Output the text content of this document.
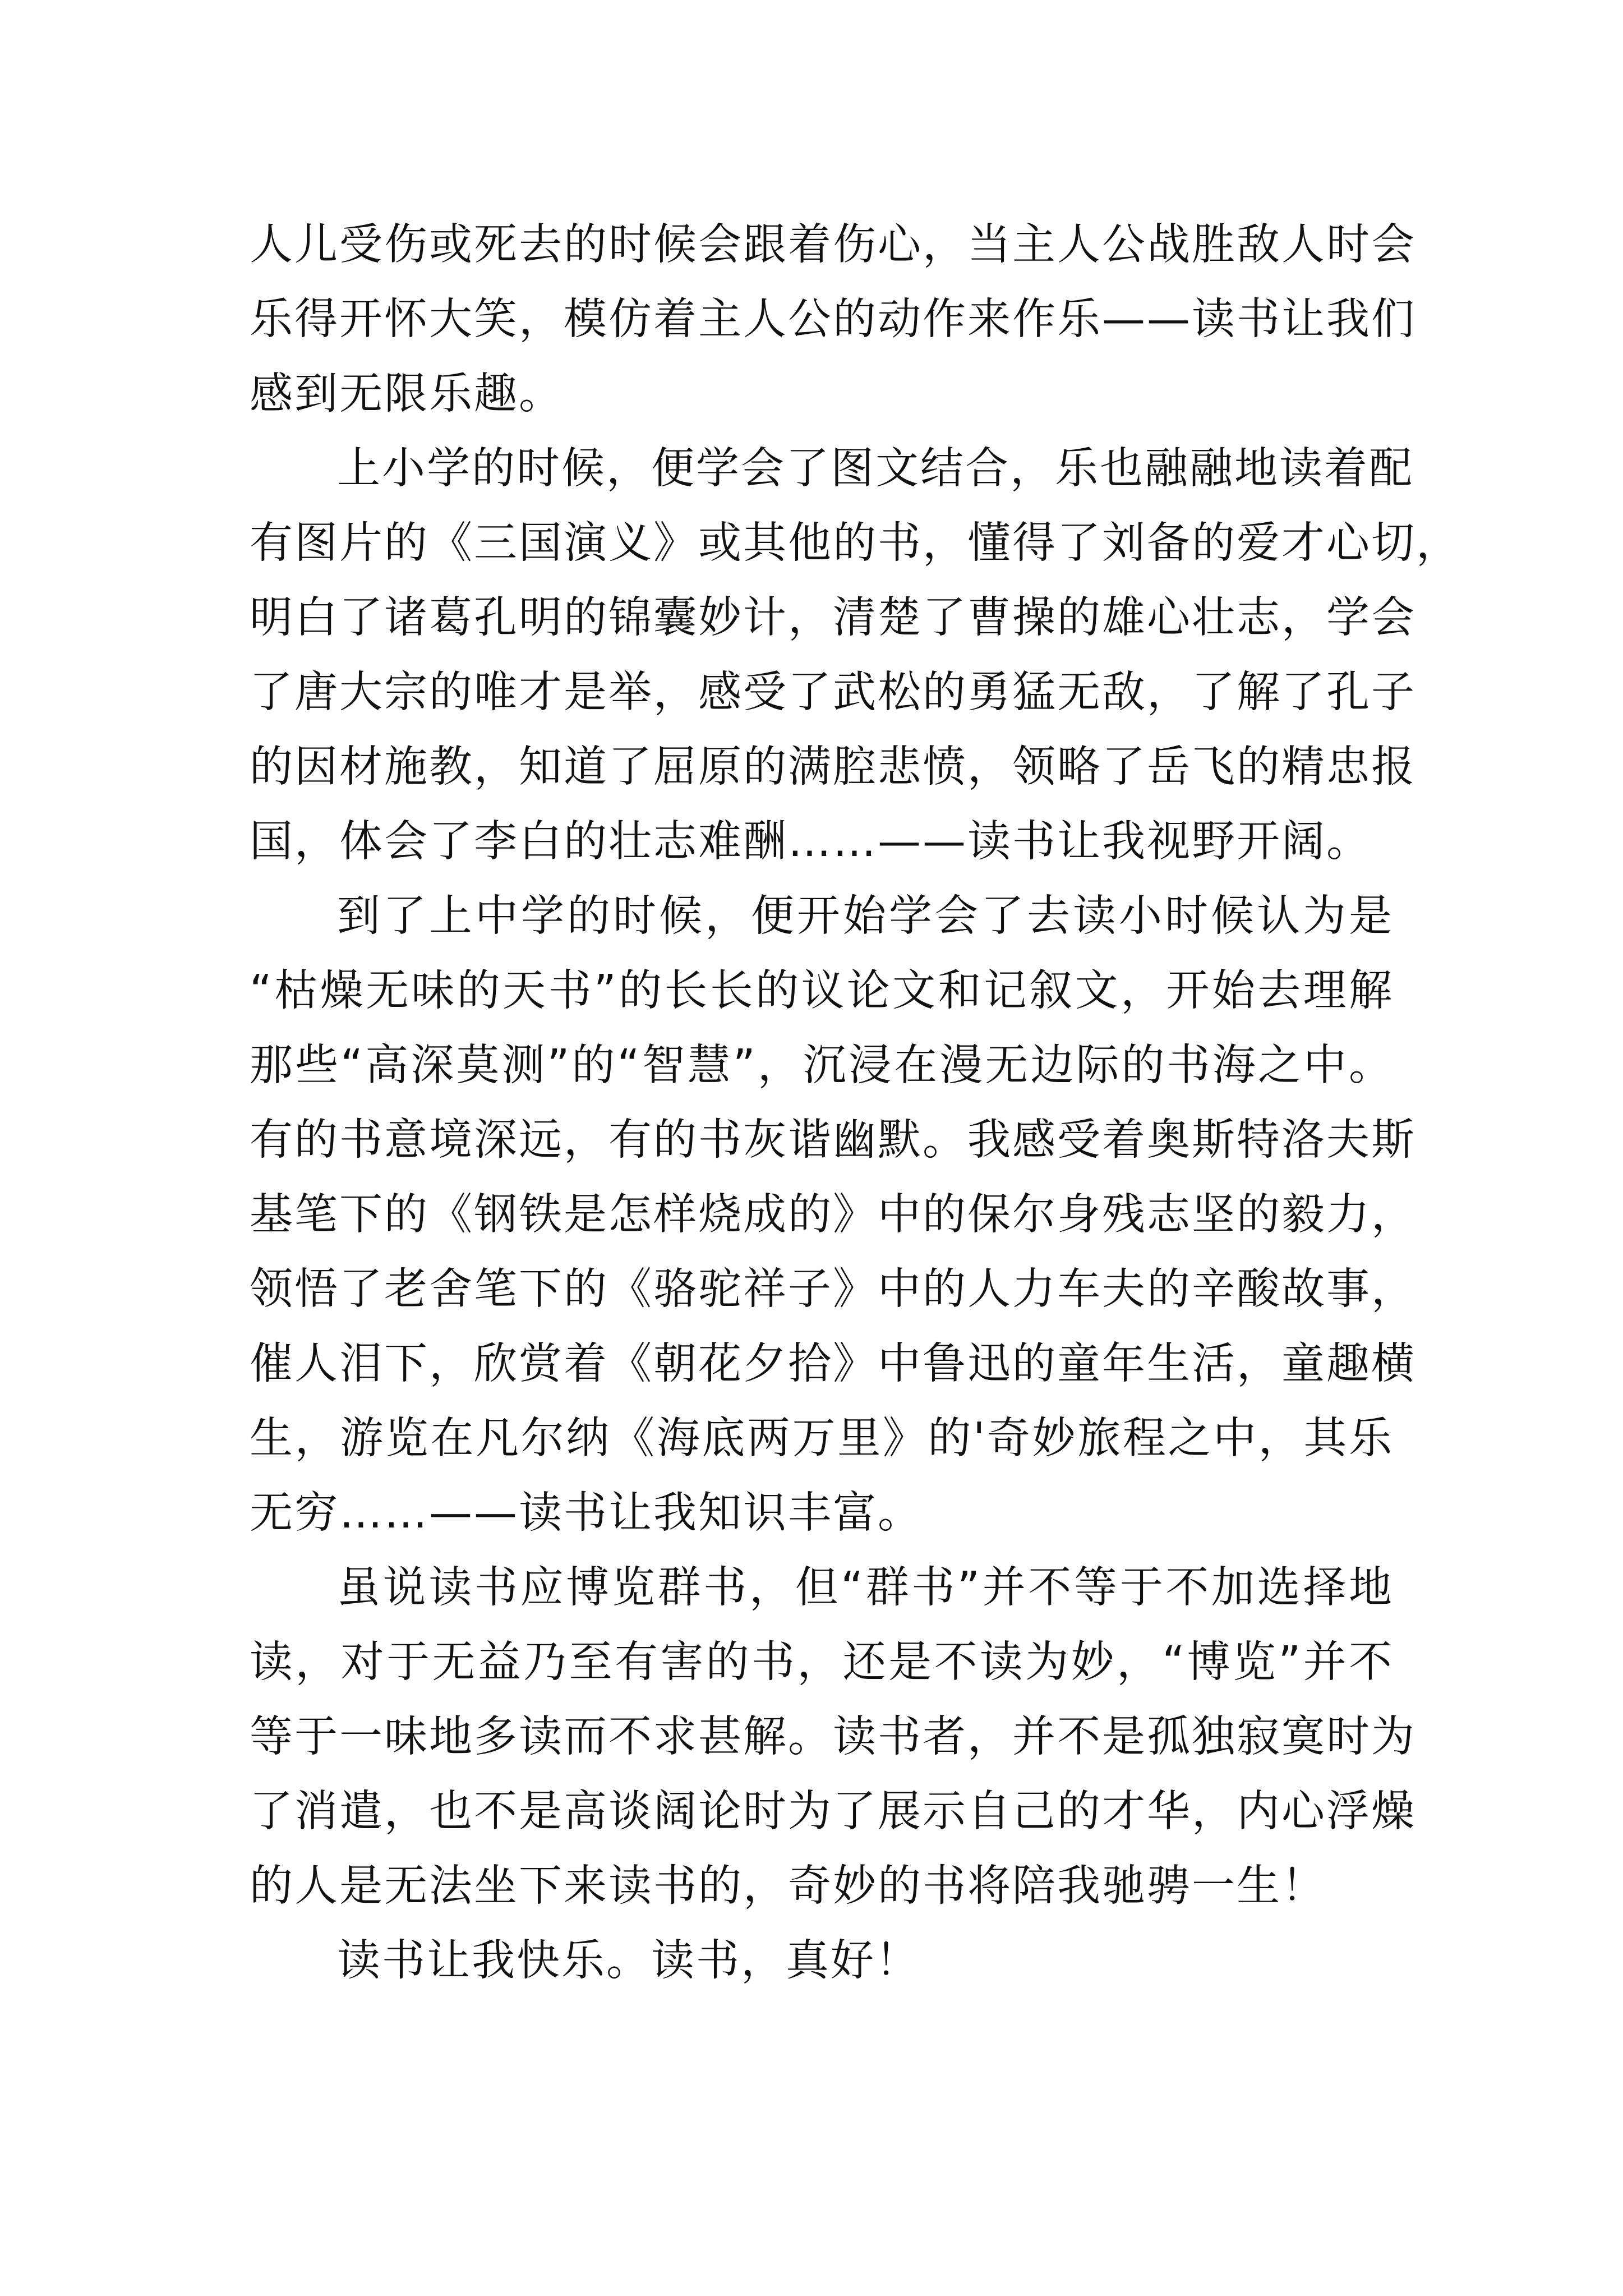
人儿受伤或死去的时候会跟着伤心，当主人公战胜敌人时会

乐得开怀大笑，模仿着主人公的动作来作乐——读书让我们

感到无限乐趣。

上小学的时候，便学会了图文结合，乐也融融地读着配

有图片的《三国演义》或其他的书，懂得了刘备的爱才心切，

明白了诸葛孔明的锦囊妙计，清楚了曹操的雄心壮志，学会

了唐大宗的唯才是举，感受了武松的勇猛无敌，了解了孔子

的因材施教，知道了屈原的满腔悲愤，领略了岳飞的精忠报

国，体会了李白的壮志难酬……——读书让我视野开阔。

到了上中学的时候，便开始学会了去读小时候认为是

“枯燥无味的天书”的长长的议论文和记叙文，开始去理解

那些“高深莫测”的“智慧”，沉浸在漫无边际的书海之中。

有的书意境深远，有的书灰谐幽默。我感受着奥斯特洛夫斯

基笔下的《钢铁是怎样烧成的》中的保尔身残志坚的毅力，

领悟了老舍笔下的《骆驼祥子》中的人力车夫的辛酸故事，

催人泪下，欣赏着《朝花夕拾》中鲁迅的童年生活，童趣横

生，游览在凡尔纳《海底两万里》的'奇妙旅程之中，其乐

无穷……——读书让我知识丰富。

虽说读书应博览群书，但“群书”并不等于不加选择地

读，对于无益乃至有害的书，还是不读为妙，“博览”并不

等于一味地多读而不求甚解。读书者，并不是孤独寂寞时为

了消遣，也不是高谈阔论时为了展示自己的才华，内心浮燥

的人是无法坐下来读书的，奇妙的书将陪我驰骋一生！

读书让我快乐。读书，真好！
